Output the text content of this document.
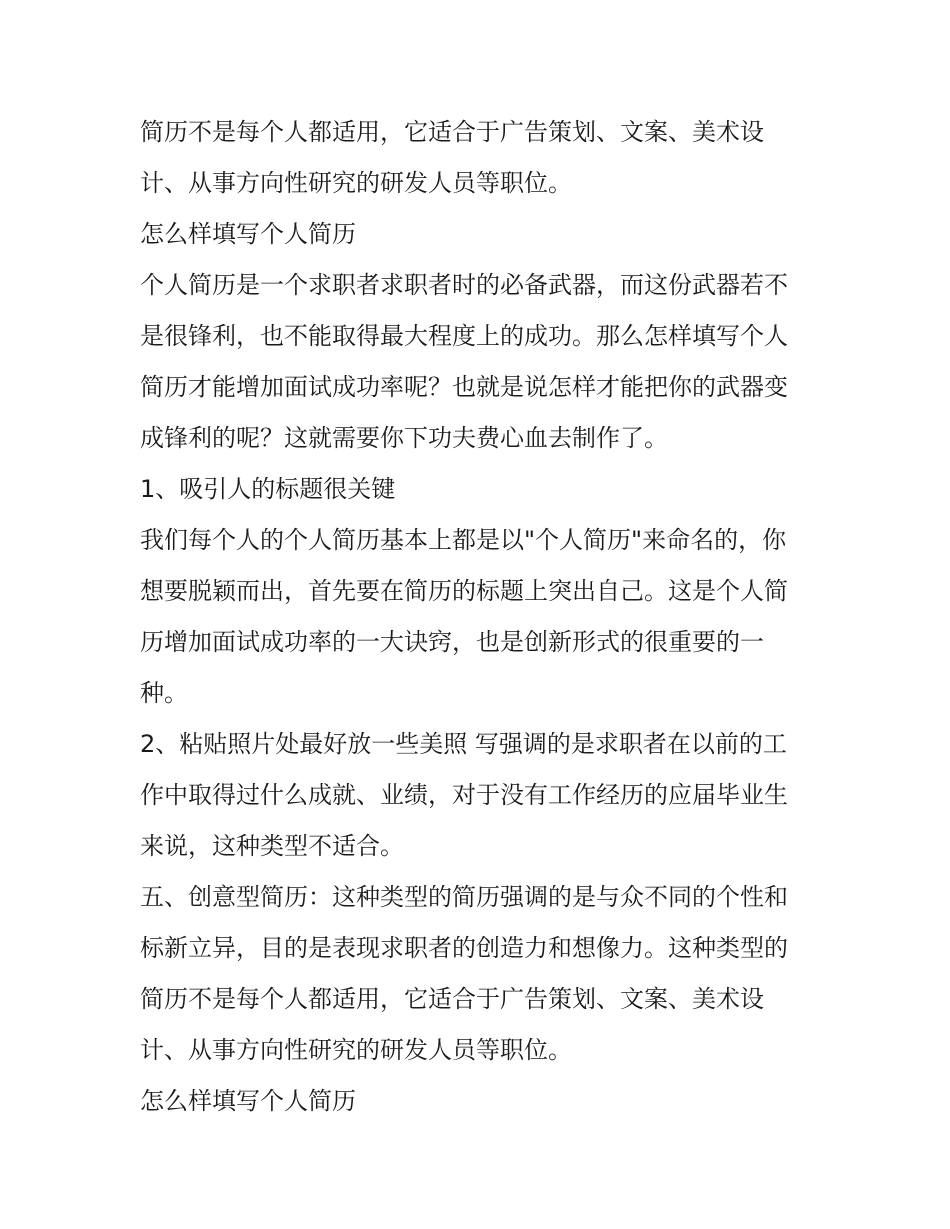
简历不是每个人都适用，它适合于广告策划、文案、美术设
计、从事方向性研究的研发人员等职位。

怎么样填写个人简历

个人简历是一个求职者求职者时的必备武器，而这份武器若不
是很锋利，也不能取得最大程度上的成功。那么怎样填写个人
简历才能增加面试成功率呢？也就是说怎样才能把你的武器变
成锋利的呢？这就需要你下功夫费心血去制作了。

1、吸引人的标题很关键

我们每个人的个人简历基本上都是以"个人简历"来命名的，你
想要脱颖而出，首先要在简历的标题上突出自己。这是个人简
历增加面试成功率的一大诀窍，也是创新形式的很重要的一
种。

2、粘贴照片处最好放一些美照 写强调的是求职者在以前的工
作中取得过什么成就、业绩，对于没有工作经历的应届毕业生
来说，这种类型不适合。

五、创意型简历：这种类型的简历强调的是与众不同的个性和
标新立异，目的是表现求职者的创造力和想像力。这种类型的
简历不是每个人都适用，它适合于广告策划、文案、美术设
计、从事方向性研究的研发人员等职位。

怎么样填写个人简历
